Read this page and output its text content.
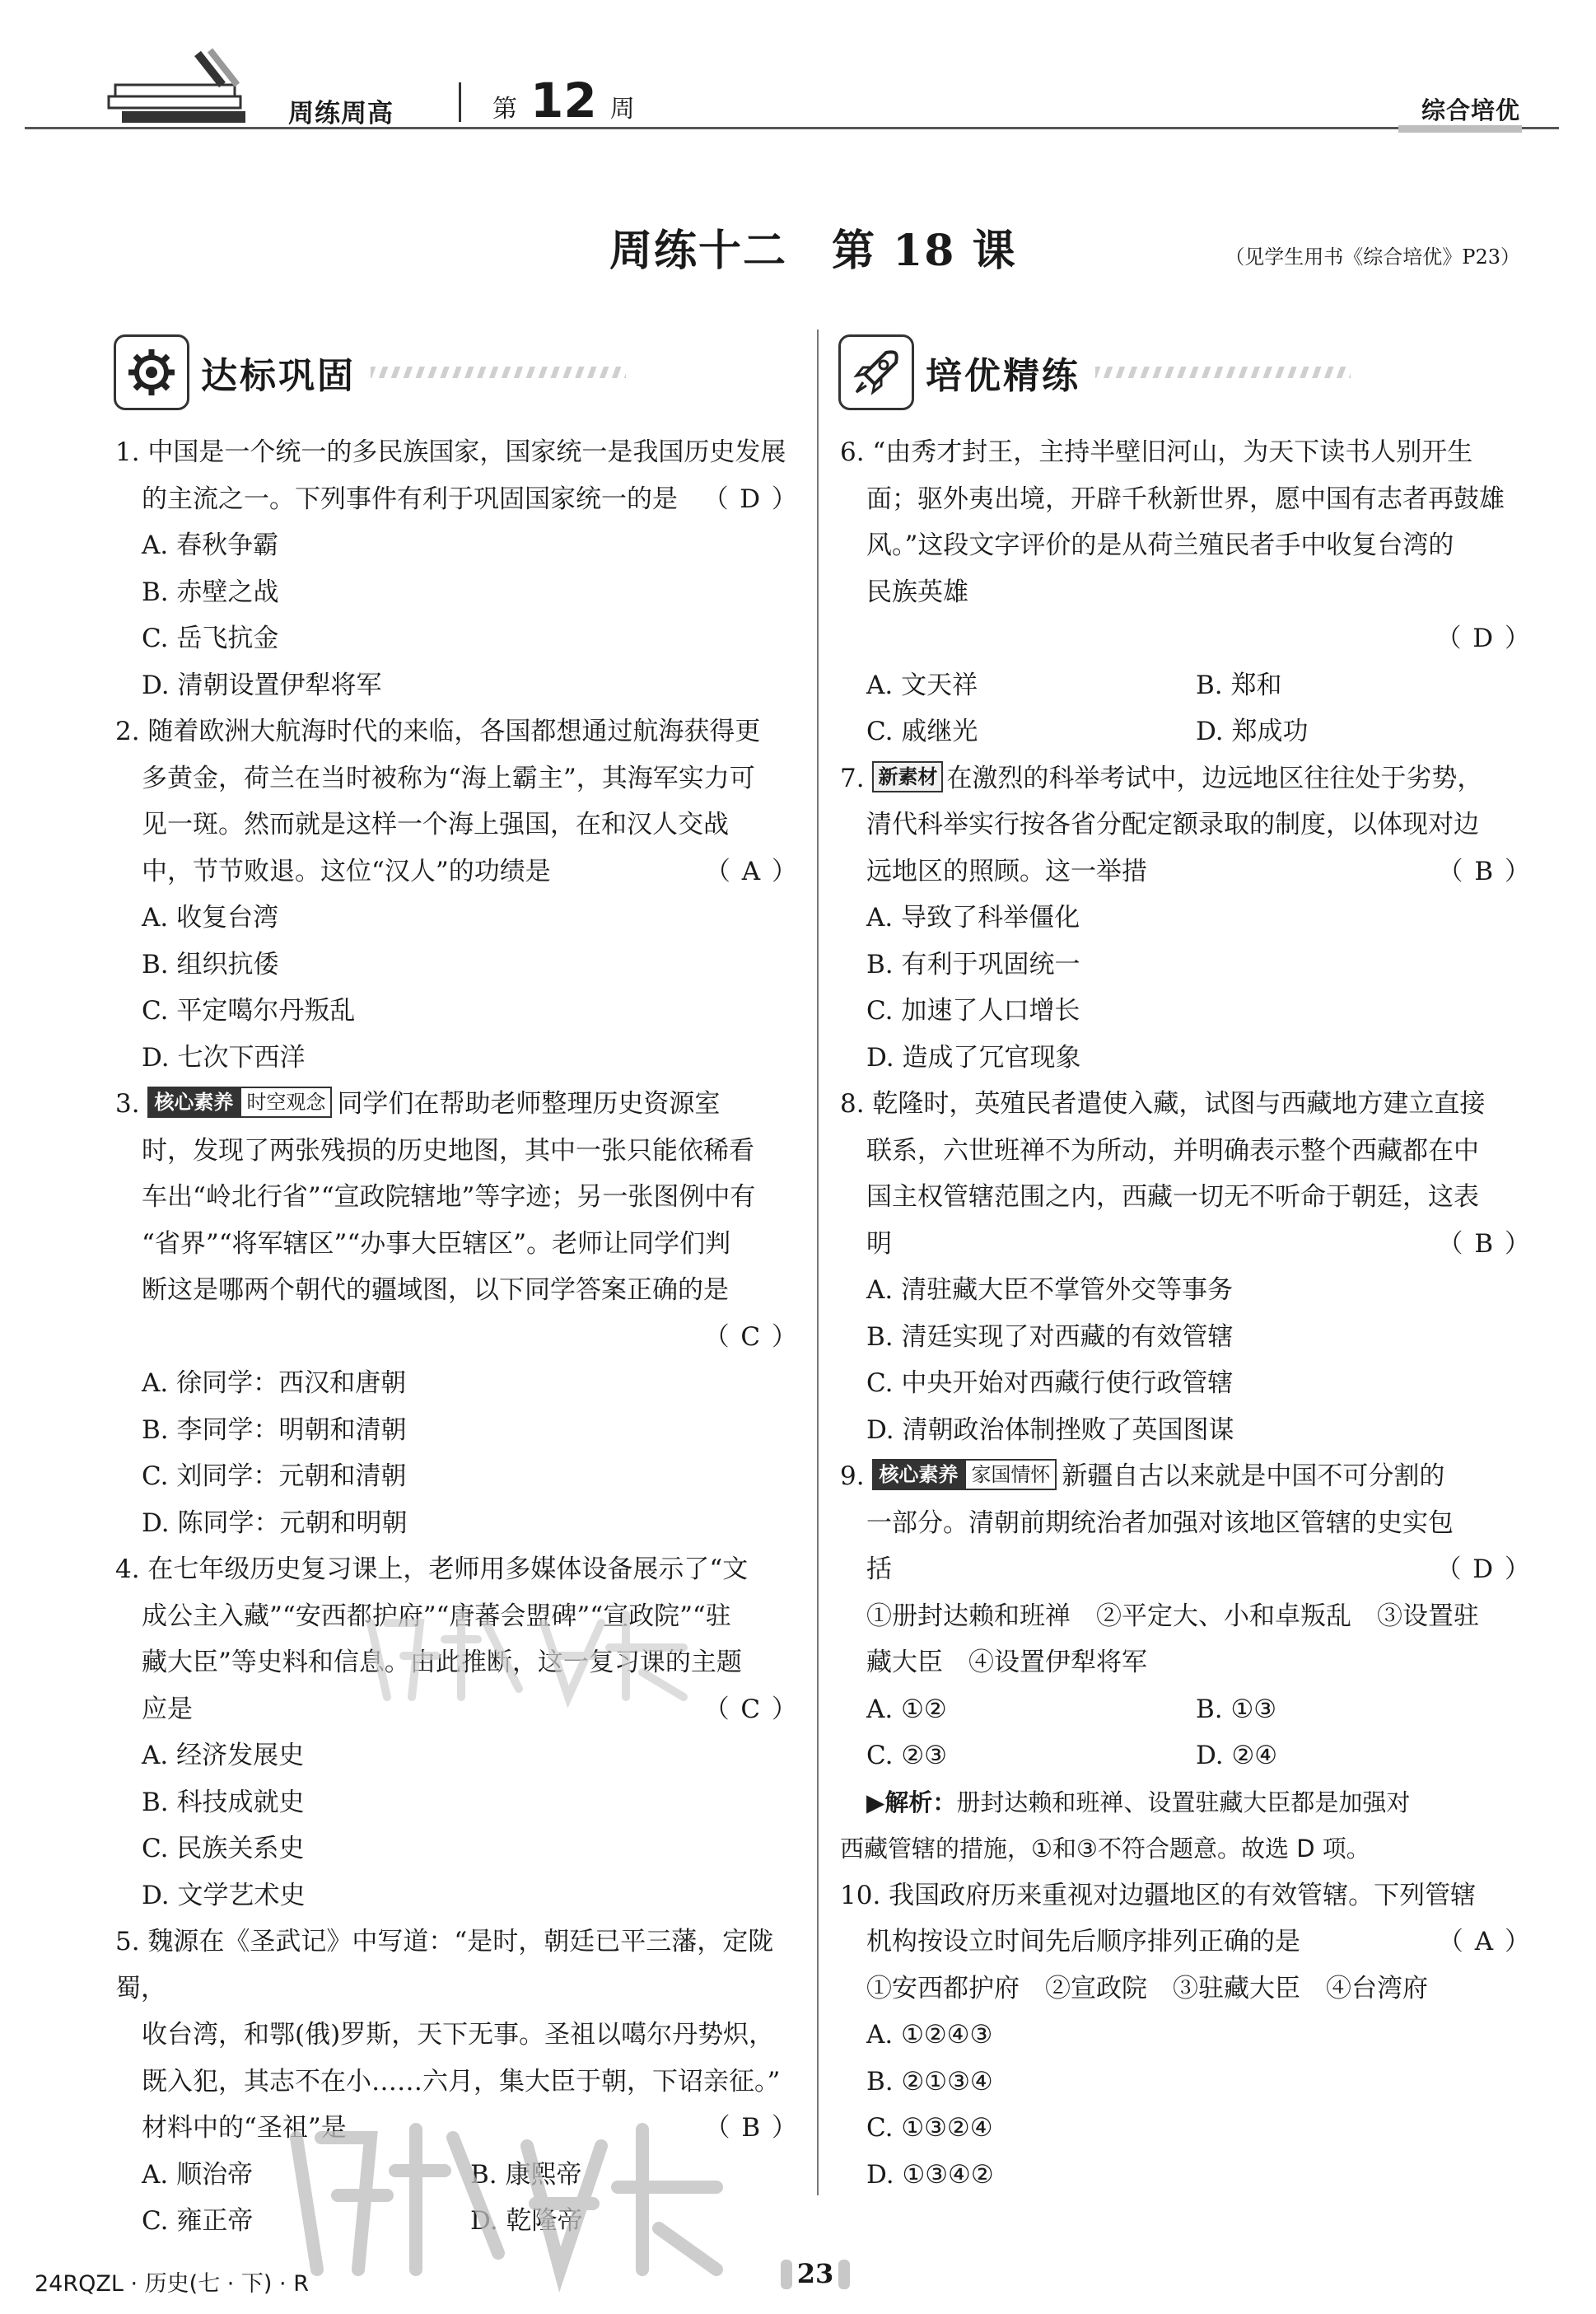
周练周高	第 12 周	综合培优
周练十二　第 18 课	（见学生用书《综合培优》P23）
达标巩固	培优精练
1. 中国是一个统一的多民族国家，国家统一是我国历史发展
（ D ）
的主流之一。下列事件有利于巩固国家统一的是
A. 春秋争霸
B. 赤壁之战
C. 岳飞抗金
D. 清朝设置伊犁将军
2. 随着欧洲大航海时代的来临，各国都想通过航海获得更
多黄金，荷兰在当时被称为“海上霸主”，其海军实力可
见一斑。然而就是这样一个海上强国，在和汉人交战
（ A ）
中，节节败退。这位“汉人”的功绩是
A. 收复台湾
B. 组织抗倭
C. 平定噶尔丹叛乱
D. 七次下西洋
3. 核心素养 时空观念 同学们在帮助老师整理历史资源室
时，发现了两张残损的历史地图，其中一张只能依稀看
车出“岭北行省”“宣政院辖地”等字迹；另一张图例中有
“省界”“将军辖区”“办事大臣辖区”。老师让同学们判
断这是哪两个朝代的疆域图，以下同学答案正确的是
（ C ）

A. 徐同学：西汉和唐朝
B. 李同学：明朝和清朝
C. 刘同学：元朝和清朝
D. 陈同学：元朝和明朝
4. 在七年级历史复习课上，老师用多媒体设备展示了“文
成公主入藏”“安西都护府”“唐蕃会盟碑”“宣政院”“驻
藏大臣”等史料和信息。由此推断，这一复习课的主题
（ C ）
应是
A. 经济发展史
B. 科技成就史
C. 民族关系史
D. 文学艺术史
5. 魏源在《圣武记》中写道：“是时，朝廷已平三藩，定陇蜀，
收台湾，和鄂(俄)罗斯，天下无事。圣祖以噶尔丹势炽，
既入犯，其志不在小……六月，集大臣于朝，下诏亲征。”
（ B ）
材料中的“圣祖”是
A. 顺治帝	B. 康熙帝
C. 雍正帝	D. 乾隆帝
6. “由秀才封王，主持半壁旧河山，为天下读书人别开生
面；驱外夷出境，开辟千秋新世界，愿中国有志者再鼓雄
风。”这段文字评价的是从荷兰殖民者手中收复台湾的
民族英雄
（ D ）

A. 文天祥	B. 郑和
C. 戚继光	D. 郑成功
7. 新素材 在激烈的科举考试中，边远地区往往处于劣势，
清代科举实行按各省分配定额录取的制度，以体现对边
（ B ）
远地区的照顾。这一举措
A. 导致了科举僵化
B. 有利于巩固统一
C. 加速了人口增长
D. 造成了冗官现象
8. 乾隆时，英殖民者遣使入藏，试图与西藏地方建立直接
联系，六世班禅不为所动，并明确表示整个西藏都在中
国主权管辖范围之内，西藏一切无不听命于朝廷，这表
（ B ）
明
A. 清驻藏大臣不掌管外交等事务
B. 清廷实现了对西藏的有效管辖
C. 中央开始对西藏行使行政管辖
D. 清朝政治体制挫败了英国图谋
9. 核心素养 家国情怀 新疆自古以来就是中国不可分割的
一部分。清朝前期统治者加强对该地区管辖的史实包
（ D ）
括
①册封达赖和班禅　②平定大、小和卓叛乱　③设置驻
藏大臣　④设置伊犁将军
A. ①②	B. ①③
C. ②③	D. ②④
▶解析：册封达赖和班禅、设置驻藏大臣都是加强对
西藏管辖的措施，①和③不符合题意。故选 D 项。
10. 我国政府历来重视对边疆地区的有效管辖。下列管辖
（ A ）
机构按设立时间先后顺序排列正确的是
①安西都护府　②宣政院　③驻藏大臣　④台湾府
A. ①②④③
B. ②①③④
C. ①③②④
D. ①③④②
24RQZL · 历史(七 · 下) · R	23
